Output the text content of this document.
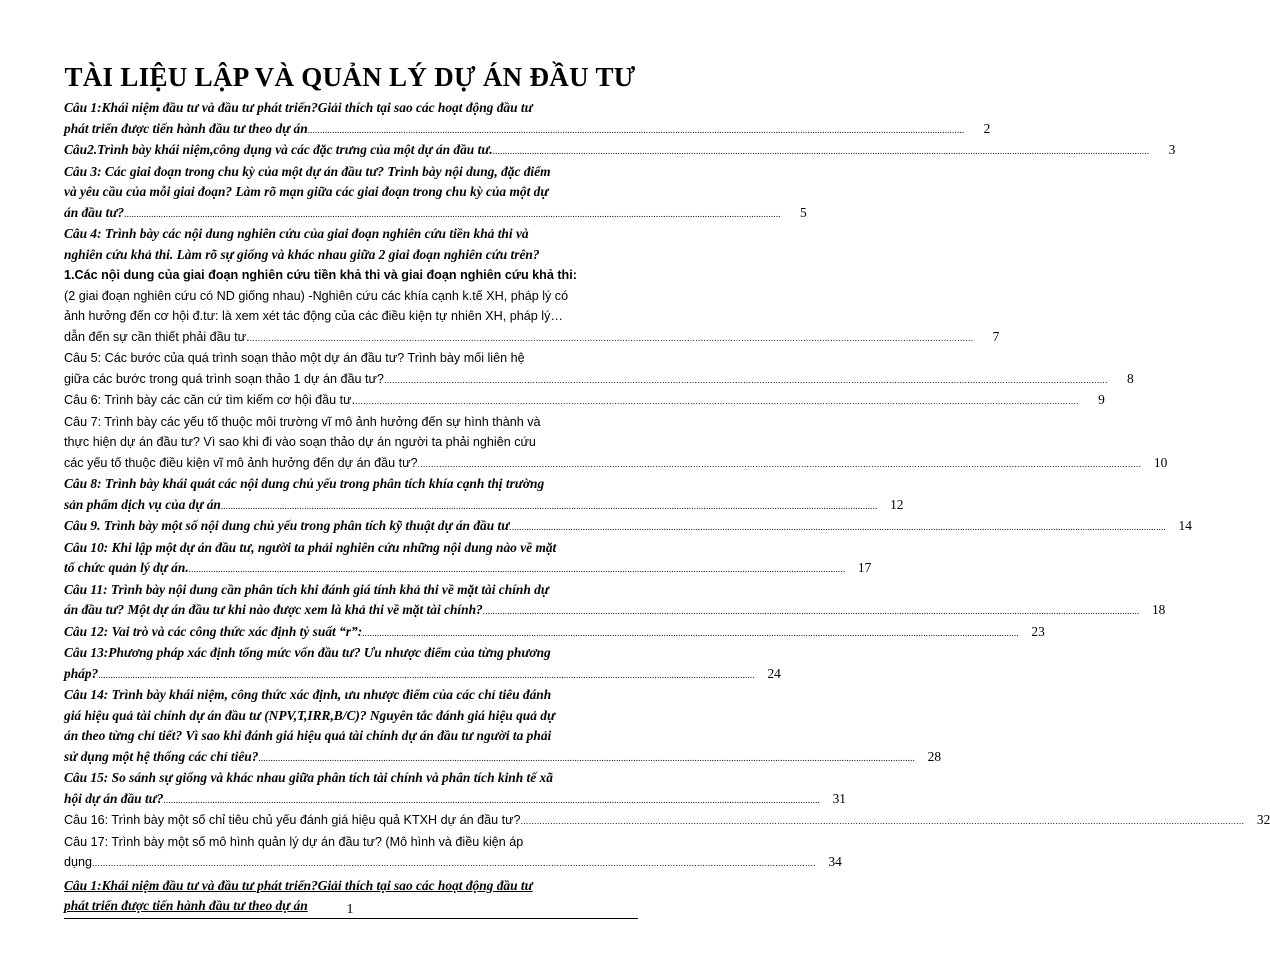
TÀI LIỆU LẬP VÀ QUẢN LÝ DỰ ÁN ĐẦU TƯ
Câu 1:Khái niệm đầu tư và đầu tư phát triển?Giải thích tại sao các hoạt động đầu tư
phát triển được tiến hành đầu tư theo dự án ............................................................................................................................................................................................................................................................................	2
Câu2.Trình bày khái niệm,công dụng và các đặc trưng của một dự án đầu tư. ............................................................................................................................................................................................................................................................................	3
Câu 3: Các giai đoạn trong chu kỳ của một dự án đầu tư? Trình bày nội dung, đặc điểm
và yêu cầu của mỗi giai đoạn? Làm rõ mạn giữa các giai đoạn trong chu kỳ của một dự
án đầu tư? ............................................................................................................................................................................................................................................................................	5
Câu 4: Trình bày các nội dung nghiên cứu của giai đoạn nghiên cứu tiền khả thi và
nghiên cứu khả thi. Làm rõ sự giống và khác nhau giữa 2 giai đoạn nghiên cứu trên?
1.Các nội dung của giai đoạn nghiên cứu tiền khả thi và giai đoạn nghiên cứu khả thi:
(2 giai đoạn nghiên cứu có ND giống nhau) -Nghiên cứu các khía cạnh k.tế XH, pháp lý có
ảnh hưởng đến cơ hội đ.tư: là xem xét tác động của các điều kiện tự nhiên XH, pháp lý…
dẫn đến sự cần thiết phải đầu tư. ............................................................................................................................................................................................................................................................................	7
Câu 5: Các bước của quá trình soạn thảo một dự án đầu tư? Trình bày mối liên hệ
giữa các bước trong quá trình soạn thảo 1 dự án đầu tư? ............................................................................................................................................................................................................................................................................	8
Câu 6: Trình bày các căn cứ tìm kiếm cơ hội đầu tư. ............................................................................................................................................................................................................................................................................	9
Câu 7: Trình bày các yếu tố thuộc môi trường vĩ mô ảnh hưởng đến sự hình thành và
thực hiện dự án đầu tư? Vì sao khi đi vào soạn thảo dự án người ta phải nghiên cứu
các yếu tố thuộc điều kiện vĩ mô ảnh hưởng đến dự án đầu tư? ............................................................................................................................................................................................................................................................................ 10
Câu 8: Trình bày khái quát các nội dung chủ yếu trong phân tích khía cạnh thị trường
sản phẩm dịch vụ của dự án ............................................................................................................................................................................................................................................................................ 12
Câu 9. Trình bày một số nội dung chủ yếu trong phân tích kỹ thuật dự án đầu tư ............................................................................................................................................................................................................................................................................ 14
Câu 10: Khi lập một dự án đầu tư, người ta phải nghiên cứu những nội dung nào về mặt
tổ chức quản lý dự án. ............................................................................................................................................................................................................................................................................ 17
Câu 11: Trình bày nội dung cần phân tích khi đánh giá tính khả thi về mặt tài chính dự
án đầu tư? Một dự án đầu tư khi nào được xem là khả thi về mặt tài chính? ............................................................................................................................................................................................................................................................................ 18
Câu 12: Vai trò và các công thức xác định tỷ suất “r”: ............................................................................................................................................................................................................................................................................ 23
Câu 13:Phương pháp xác định tổng mức vốn đầu tư? Ưu nhược điểm của từng phương
pháp? ............................................................................................................................................................................................................................................................................ 24
Câu 14: Trình bày khái niệm, công thức xác định, ưu nhược điểm của các chỉ tiêu đánh
giá hiệu quả tài chính dự án đầu tư (NPV,T,IRR,B/C)? Nguyên tắc đánh giá hiệu quả dự
án theo từng chỉ tiết? Vì sao khi đánh giá hiệu quả tài chính dự án đầu tư người ta phải
sử dụng một hệ thống các chỉ tiêu? ............................................................................................................................................................................................................................................................................ 28
Câu 15: So sánh sự giống và khác nhau giữa phân tích tài chính và phân tích kinh tế xã
hội dự án đầu tư? ............................................................................................................................................................................................................................................................................ 31
Câu 16: Trình bày một số chỉ tiêu chủ yếu đánh giá hiệu quả KTXH dự án đầu tư? ............................................................................................................................................................................................................................................................................ 32
Câu 17: Trình bày một số mô hình quản lý dự án đầu tư? (Mô hình và điều kiện áp
dụng ............................................................................................................................................................................................................................................................................ 34
Câu 1:Khái niệm đầu tư và đầu tư phát triển?Giải thích tại sao các hoạt động đầu tư
phát triển được tiến hành đầu tư theo dự án	1
